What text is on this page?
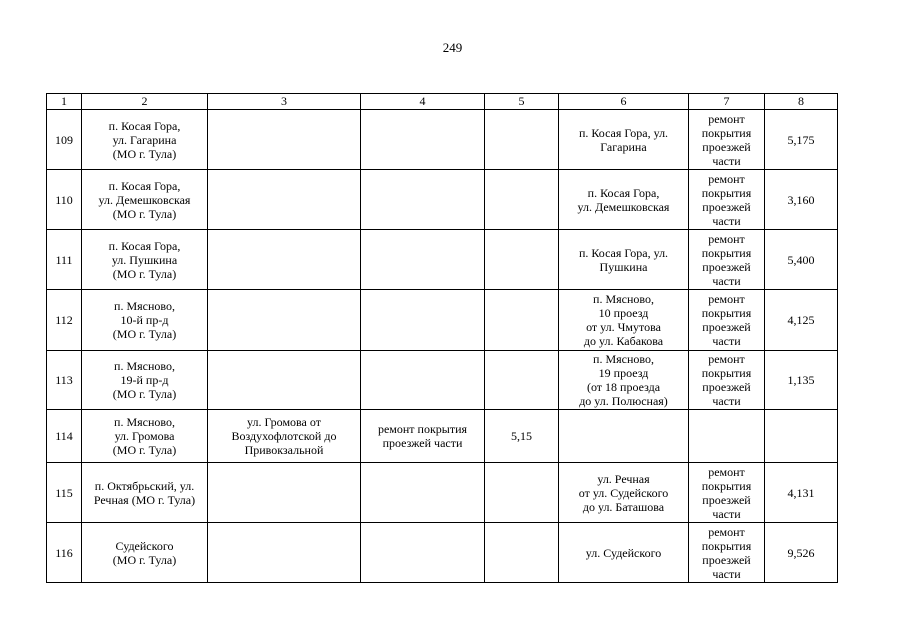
249
1	2	3	4	5	6	7	8

109	п. Косая Гора,
ул. Гагарина
(МО г. Тула)				п. Косая Гора, ул.
Гагарина	ремонт
покрытия
проезжей
части	5,175

110	п. Косая Гора,
ул. Демешковская
(МО г. Тула)				п. Косая Гора,
ул. Демешковская	ремонт
покрытия
проезжей
части	3,160

111	п. Косая Гора,
ул. Пушкина
(МО г. Тула)				п. Косая Гора, ул.
Пушкина	ремонт
покрытия
проезжей
части	5,400

112	п. Мясново,
10-й пр-д
(МО г. Тула)				п. Мясново,
10 проезд
от ул. Чмутова
до ул. Кабакова	ремонт
покрытия
проезжей
части	4,125

113	п. Мясново,
19-й пр-д
(МО г. Тула)				п. Мясново,
19 проезд
(от 18 проезда
до ул. Полюсная)	ремонт
покрытия
проезжей
части	1,135

114	п. Мясново,
ул. Громова
(МО г. Тула)	ул. Громова от
Воздухофлотской до
Привокзальной	ремонт покрытия
проезжей части	5,15			

115	п. Октябрьский, ул.
Речная (МО г. Тула)				ул. Речная
от ул. Судейского
до ул. Баташова	ремонт
покрытия
проезжей
части	4,131

116	Судейского
(МО г. Тула)				ул. Судейского	ремонт
покрытия
проезжей
части	9,526
